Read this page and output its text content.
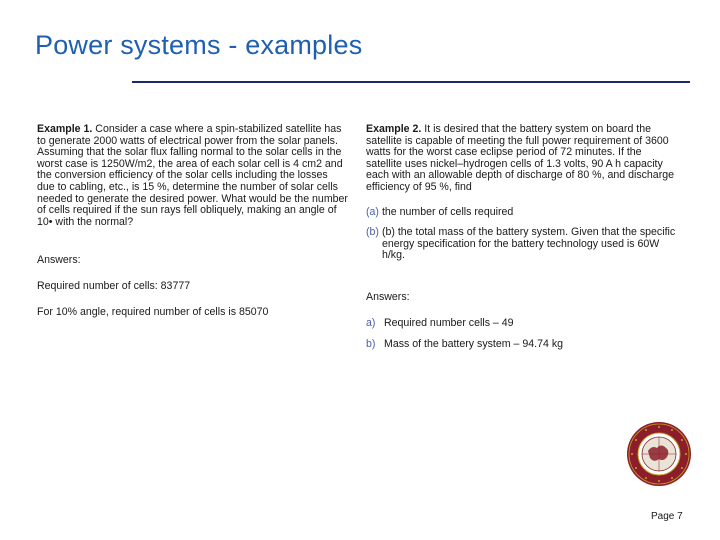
Power systems - examples

Example 1. Consider a case where a spin-stabilized satellite has to generate 2000 watts of electrical power from the solar panels. Assuming that the solar flux falling normal to the solar cells in the worst case is 1250W/m2, the area of each solar cell is 4 cm2 and the conversion efficiency of the solar cells including the losses due to cabling, etc., is 15 %, determine the number of solar cells needed to generate the desired power. What would be the number of cells required if the sun rays fell obliquely, making an angle of 10• with the normal?

Answers:

Required number of cells: 83777

For 10% angle, required number of cells is 85070

Example 2. It is desired that the battery system on board the satellite is capable of meeting the full power requirement of 3600 watts for the worst case eclipse period of 72 minutes. If the satellite uses nickel–hydrogen cells of 1.3 volts, 90 A h capacity each with an allowable depth of discharge of 80 %, and discharge efficiency of 95 %, find

(a) the number of cells required
(b) (b) the total mass of the battery system. Given that the specific energy specification for the battery technology used is 60W h/kg.

Answers:

a) Required number cells – 49
b) Mass of the battery system – 94.74 kg
Page 7
